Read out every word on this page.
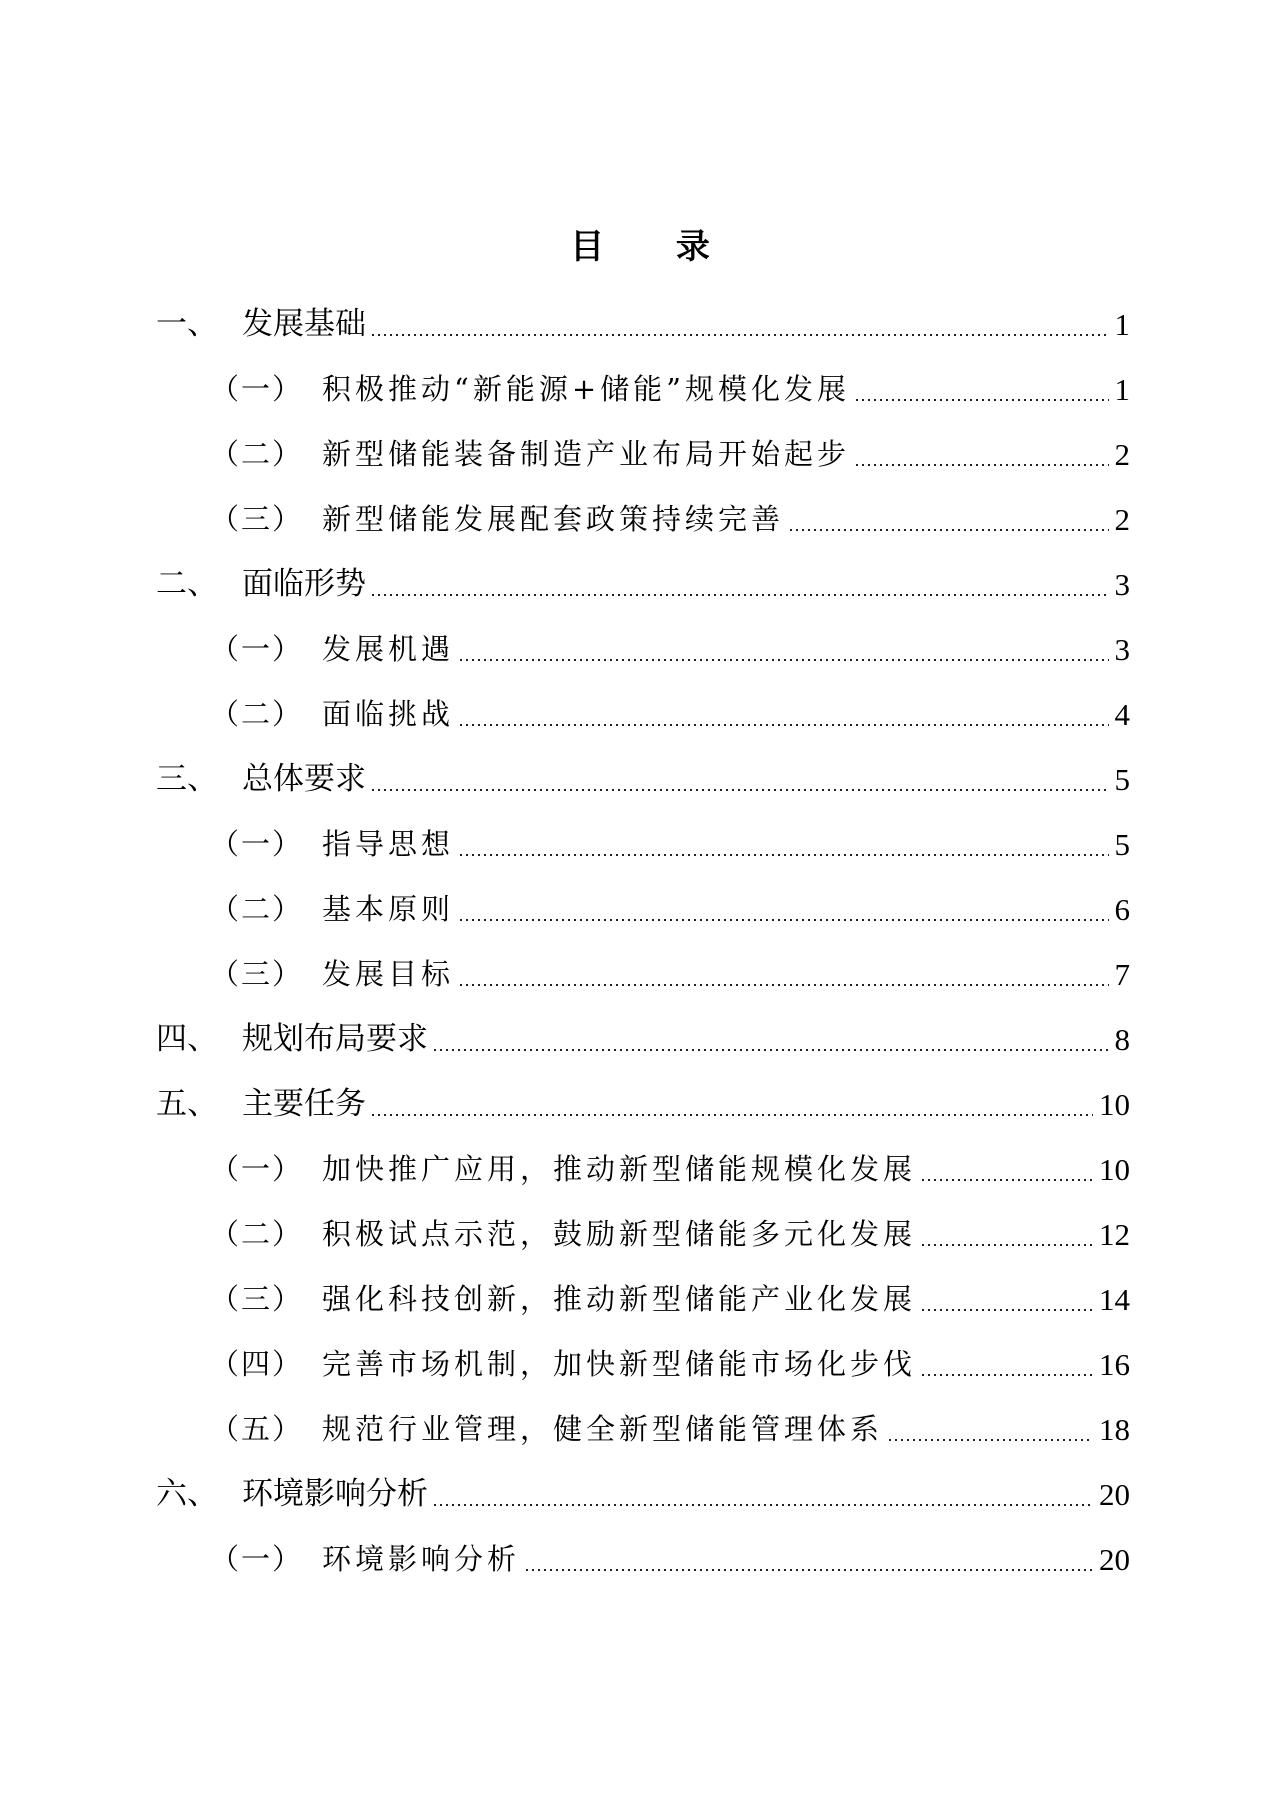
目 录
一、 发展基础	1
（一） 积极推动“新能源+储能”规模化发展	1
（二） 新型储能装备制造产业布局开始起步	2
（三） 新型储能发展配套政策持续完善	2
二、 面临形势	3
（一） 发展机遇	3
（二） 面临挑战	4
三、 总体要求	5
（一） 指导思想	5
（二） 基本原则	6
（三） 发展目标	7
四、 规划布局要求	8
五、 主要任务	10
（一） 加快推广应用，推动新型储能规模化发展	10
（二） 积极试点示范，鼓励新型储能多元化发展	12
（三） 强化科技创新，推动新型储能产业化发展	14
（四） 完善市场机制，加快新型储能市场化步伐	16
（五） 规范行业管理，健全新型储能管理体系	18
六、 环境影响分析	20
（一） 环境影响分析	20
